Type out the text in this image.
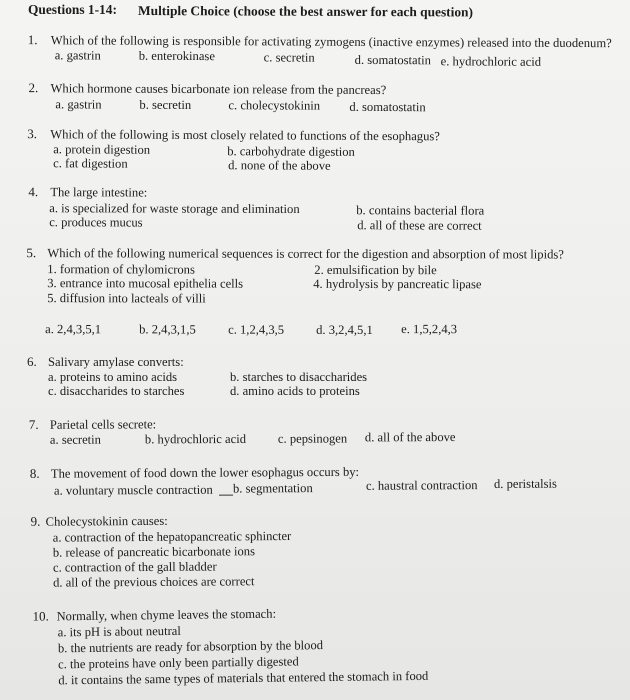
Questions 1-14: Multiple Choice (choose the best answer for each question)
1. Which of the following is responsible for activating zymogens (inactive enzymes) released into the duodenum?
a. gastrin	b. enterokinase	c. secretin	d. somatostatin e. hydrochloric acid
2. Which hormone causes bicarbonate ion release from the pancreas?
a. gastrin	b. secretin	c. cholecystokinin d. somatostatin
3. Which of the following is most closely related to functions of the esophagus?
a. protein digestion	b. carbohydrate digestion
c. fat digestion	d. none of the above
4. The large intestine:
a. is specialized for waste storage and elimination	b. contains bacterial flora
c. produces mucus	d. all of these are correct
5. Which of the following numerical sequences is correct for the digestion and absorption of most lipids?
1. formation of chylomicrons	2. emulsification by bile
3. entrance into mucosal epithelia cells	4. hydrolysis by pancreatic lipase
5. diffusion into lacteals of villi
a. 2,4,3,5,1	b. 2,4,3,1,5	c. 1,2,4,3,5	d. 3,2,4,5,1 e. 1,5,2,4,3
6. Salivary amylase converts:
a. proteins to amino acids	b. starches to disaccharides
c. disaccharides to starches	d. amino acids to proteins
7. Parietal cells secrete:
a. secretin	b. hydrochloric acid	c. pepsinogen d. all of the above
8. The movement of food down the lower esophagus occurs by:
a. voluntary muscle contraction b. segmentation	c. haustral contraction d. peristalsis
9. Cholecystokinin causes:
a. contraction of the hepatopancreatic sphincter
b. release of pancreatic bicarbonate ions
c. contraction of the gall bladder
d. all of the previous choices are correct
10. Normally, when chyme leaves the stomach:
a. its pH is about neutral
b. the nutrients are ready for absorption by the blood
c. the proteins have only been partially digested
d. it contains the same types of materials that entered the stomach in food
